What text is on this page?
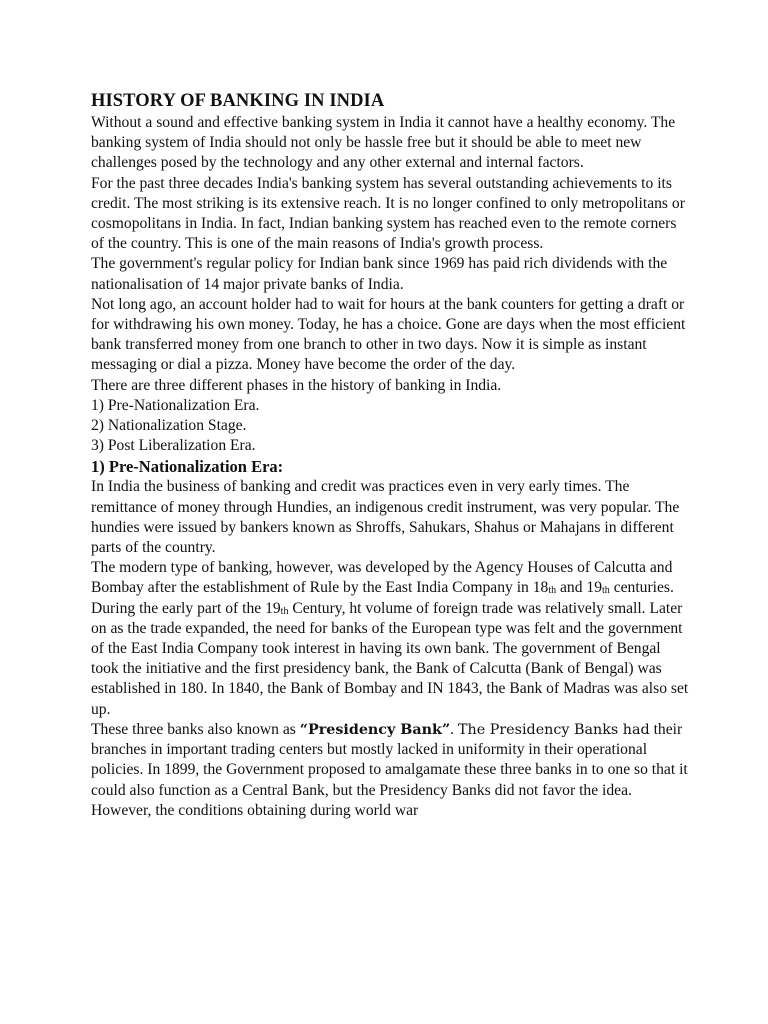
HISTORY OF BANKING IN INDIA

Without a sound and effective banking system in India it cannot have a healthy economy. The banking system of India should not only be hassle free but it should be able to meet new challenges posed by the technology and any other external and internal factors.

For the past three decades India's banking system has several outstanding achievements to its credit. The most striking is its extensive reach. It is no longer confined to only metropolitans or cosmopolitans in India. In fact, Indian banking system has reached even to the remote corners of the country. This is one of the main reasons of India's growth process.

The government's regular policy for Indian bank since 1969 has paid rich dividends with the nationalisation of 14 major private banks of India.

Not long ago, an account holder had to wait for hours at the bank counters for getting a draft or for withdrawing his own money. Today, he has a choice. Gone are days when the most efficient bank transferred money from one branch to other in two days. Now it is simple as instant messaging or dial a pizza. Money have become the order of the day.

There are three different phases in the history of banking in India.

1) Pre-Nationalization Era.

2) Nationalization Stage.

3) Post Liberalization Era.

1) Pre-Nationalization Era:

In India the business of banking and credit was practices even in very early times. The remittance of money through Hundies, an indigenous credit instrument, was very popular. The hundies were issued by bankers known as Shroffs, Sahukars, Shahus or Mahajans in different parts of the country.

The modern type of banking, however, was developed by the Agency Houses of Calcutta and Bombay after the establishment of Rule by the East India Company in $18_{th}$ and $19_{th}$ centuries.

During the early part of the $19_{th}$ Century, ht volume of foreign trade was relatively small. Later on as the trade expanded, the need for banks of the European type was felt and the government of the East India Company took interest in having its own bank. The government of Bengal took the initiative and the first presidency bank, the Bank of Calcutta (Bank of Bengal) was established in 180. In 1840, the Bank of Bombay and IN 1843, the Bank of Madras was also set up.

These three banks also known as “Presidency Bank”. The Presidency Banks had their branches in important trading centers but mostly lacked in uniformity in their operational policies. In 1899, the Government proposed to amalgamate these three banks in to one so that it could also function as a Central Bank, but the Presidency Banks did not favor the idea. However, the conditions obtaining during world war
